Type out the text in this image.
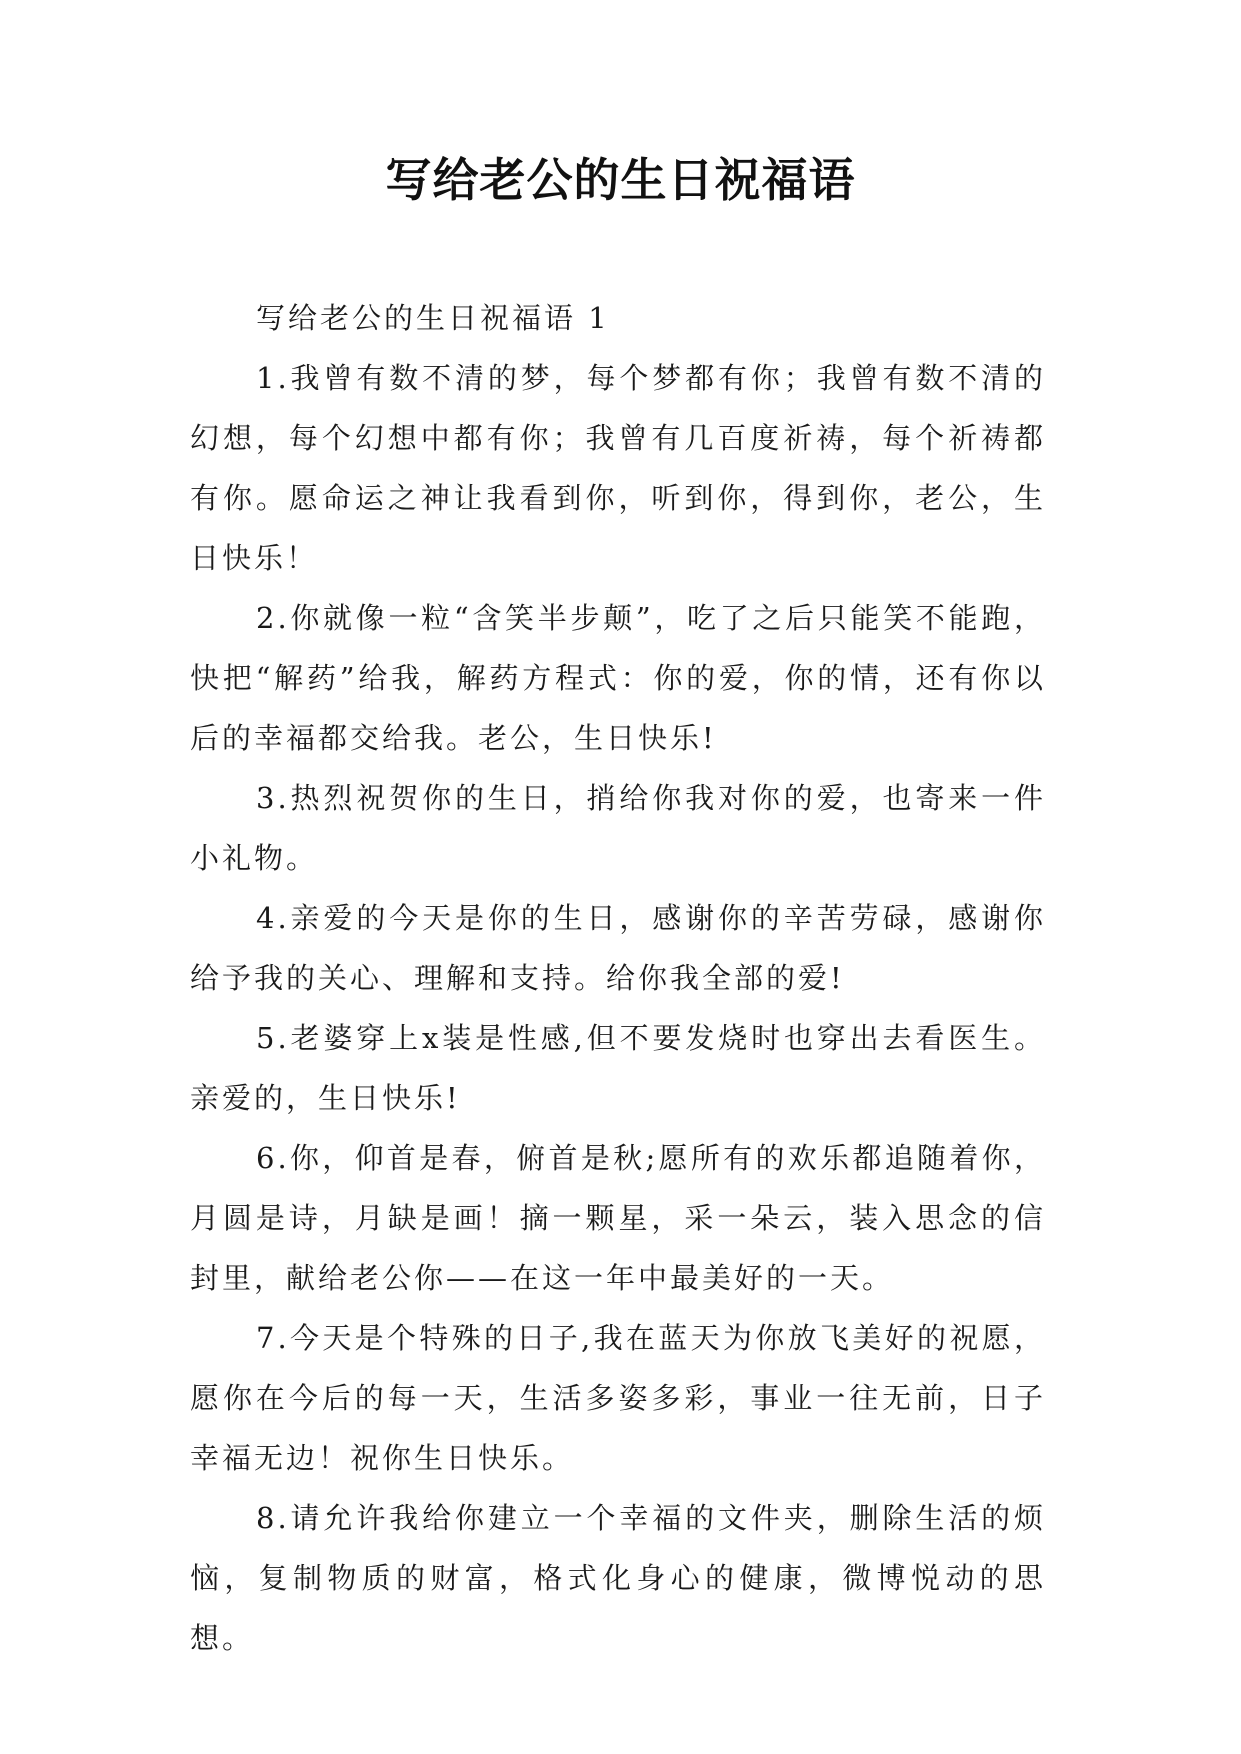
写给老公的生日祝福语

写给老公的生日祝福语 1

1.我曾有数不清的梦，每个梦都有你；我曾有数不清的幻想，每个幻想中都有你；我曾有几百度祈祷，每个祈祷都有你。愿命运之神让我看到你，听到你，得到你，老公，生日快乐！

2.你就像一粒“含笑半步颠”，吃了之后只能笑不能跑，快把“解药”给我，解药方程式：你的爱，你的情，还有你以后的幸福都交给我。老公，生日快乐!

3.热烈祝贺你的生日，捎给你我对你的爱，也寄来一件小礼物。

4.亲爱的今天是你的生日，感谢你的辛苦劳碌，感谢你给予我的关心、理解和支持。给你我全部的爱!

5.老婆穿上x装是性感,但不要发烧时也穿出去看医生。亲爱的，生日快乐!

6.你，仰首是春，俯首是秋;愿所有的欢乐都追随着你，月圆是诗，月缺是画！摘一颗星，采一朵云，装入思念的信封里，献给老公你——在这一年中最美好的一天。

7.今天是个特殊的日子,我在蓝天为你放飞美好的祝愿，愿你在今后的每一天，生活多姿多彩，事业一往无前，日子幸福无边！祝你生日快乐。

8.请允许我给你建立一个幸福的文件夹，删除生活的烦恼，复制物质的财富，格式化身心的健康，微博悦动的思想。
